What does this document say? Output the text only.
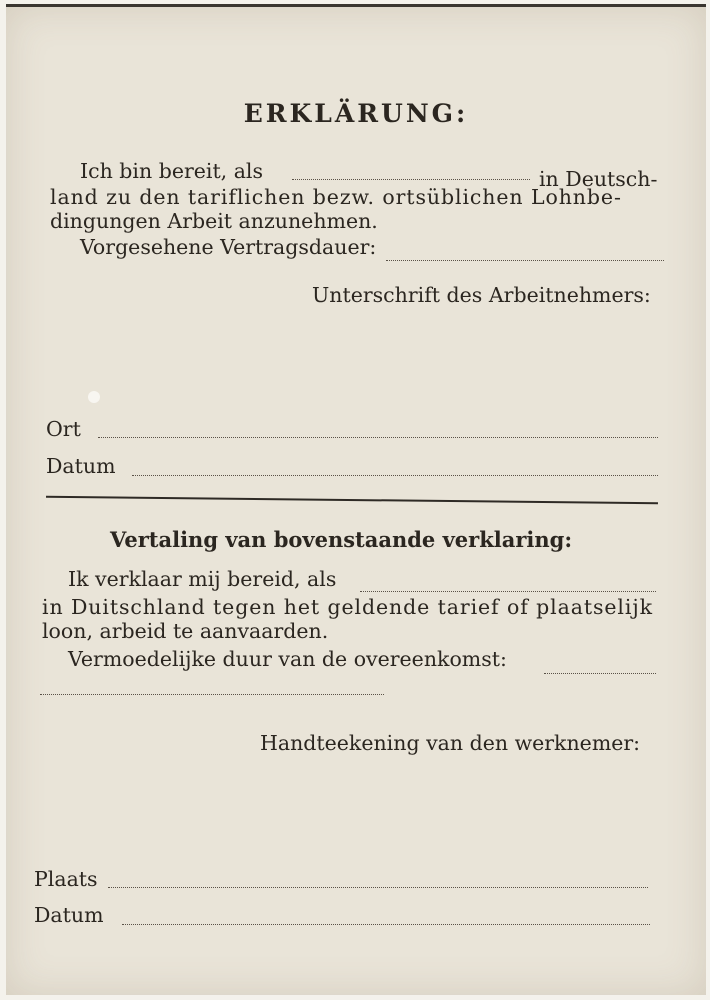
ERKLÄRUNG:
Ich bin bereit, als	in Deutsch-
land zu den tariflichen bezw. ortsüblichen Lohnbe-
dingungen Arbeit anzunehmen.
Vorgesehene Vertragsdauer:
Unterschrift des Arbeitnehmers:
Ort
Datum
Vertaling van bovenstaande verklaring:
Ik verklaar mij bereid, als
in Duitschland tegen het geldende tarief of plaatselijk
loon, arbeid te aanvaarden.
Vermoedelijke duur van de overeenkomst:
Handteekening van den werknemer:
Plaats
Datum
